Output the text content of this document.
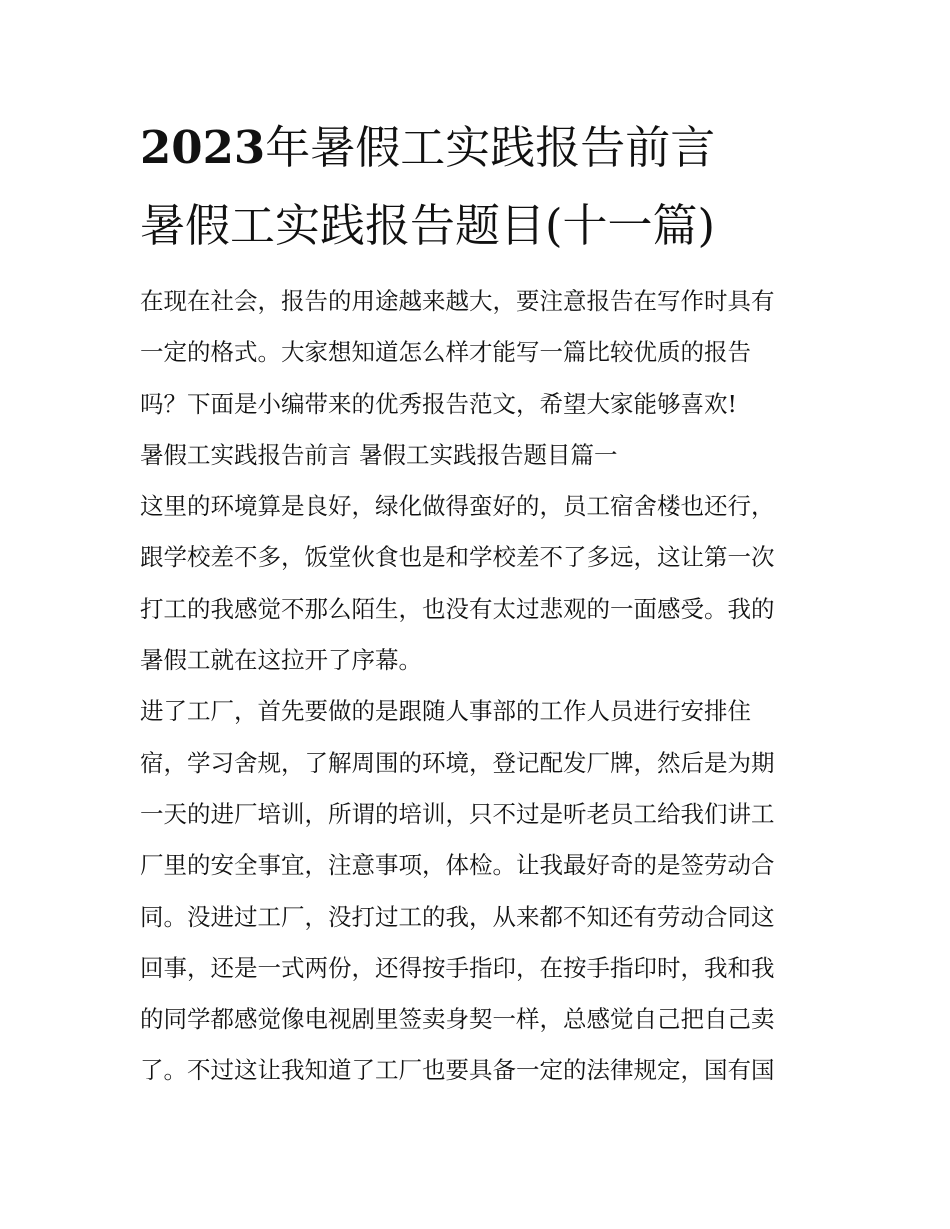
2023年暑假工实践报告前言
暑假工实践报告题目(十一篇)
在现在社会，报告的用途越来越大，要注意报告在写作时具有
一定的格式。大家想知道怎么样才能写一篇比较优质的报告
吗？下面是小编带来的优秀报告范文，希望大家能够喜欢!
暑假工实践报告前言 暑假工实践报告题目篇一
这里的环境算是良好，绿化做得蛮好的，员工宿舍楼也还行，
跟学校差不多，饭堂伙食也是和学校差不了多远，这让第一次
打工的我感觉不那么陌生，也没有太过悲观的一面感受。我的
暑假工就在这拉开了序幕。
进了工厂，首先要做的是跟随人事部的工作人员进行安排住
宿，学习舍规，了解周围的环境，登记配发厂牌，然后是为期
一天的进厂培训，所谓的培训，只不过是听老员工给我们讲工
厂里的安全事宜，注意事项，体检。让我最好奇的是签劳动合
同。没进过工厂，没打过工的我，从来都不知还有劳动合同这
回事，还是一式两份，还得按手指印，在按手指印时，我和我
的同学都感觉像电视剧里签卖身契一样，总感觉自己把自己卖
了。不过这让我知道了工厂也要具备一定的法律规定，国有国
